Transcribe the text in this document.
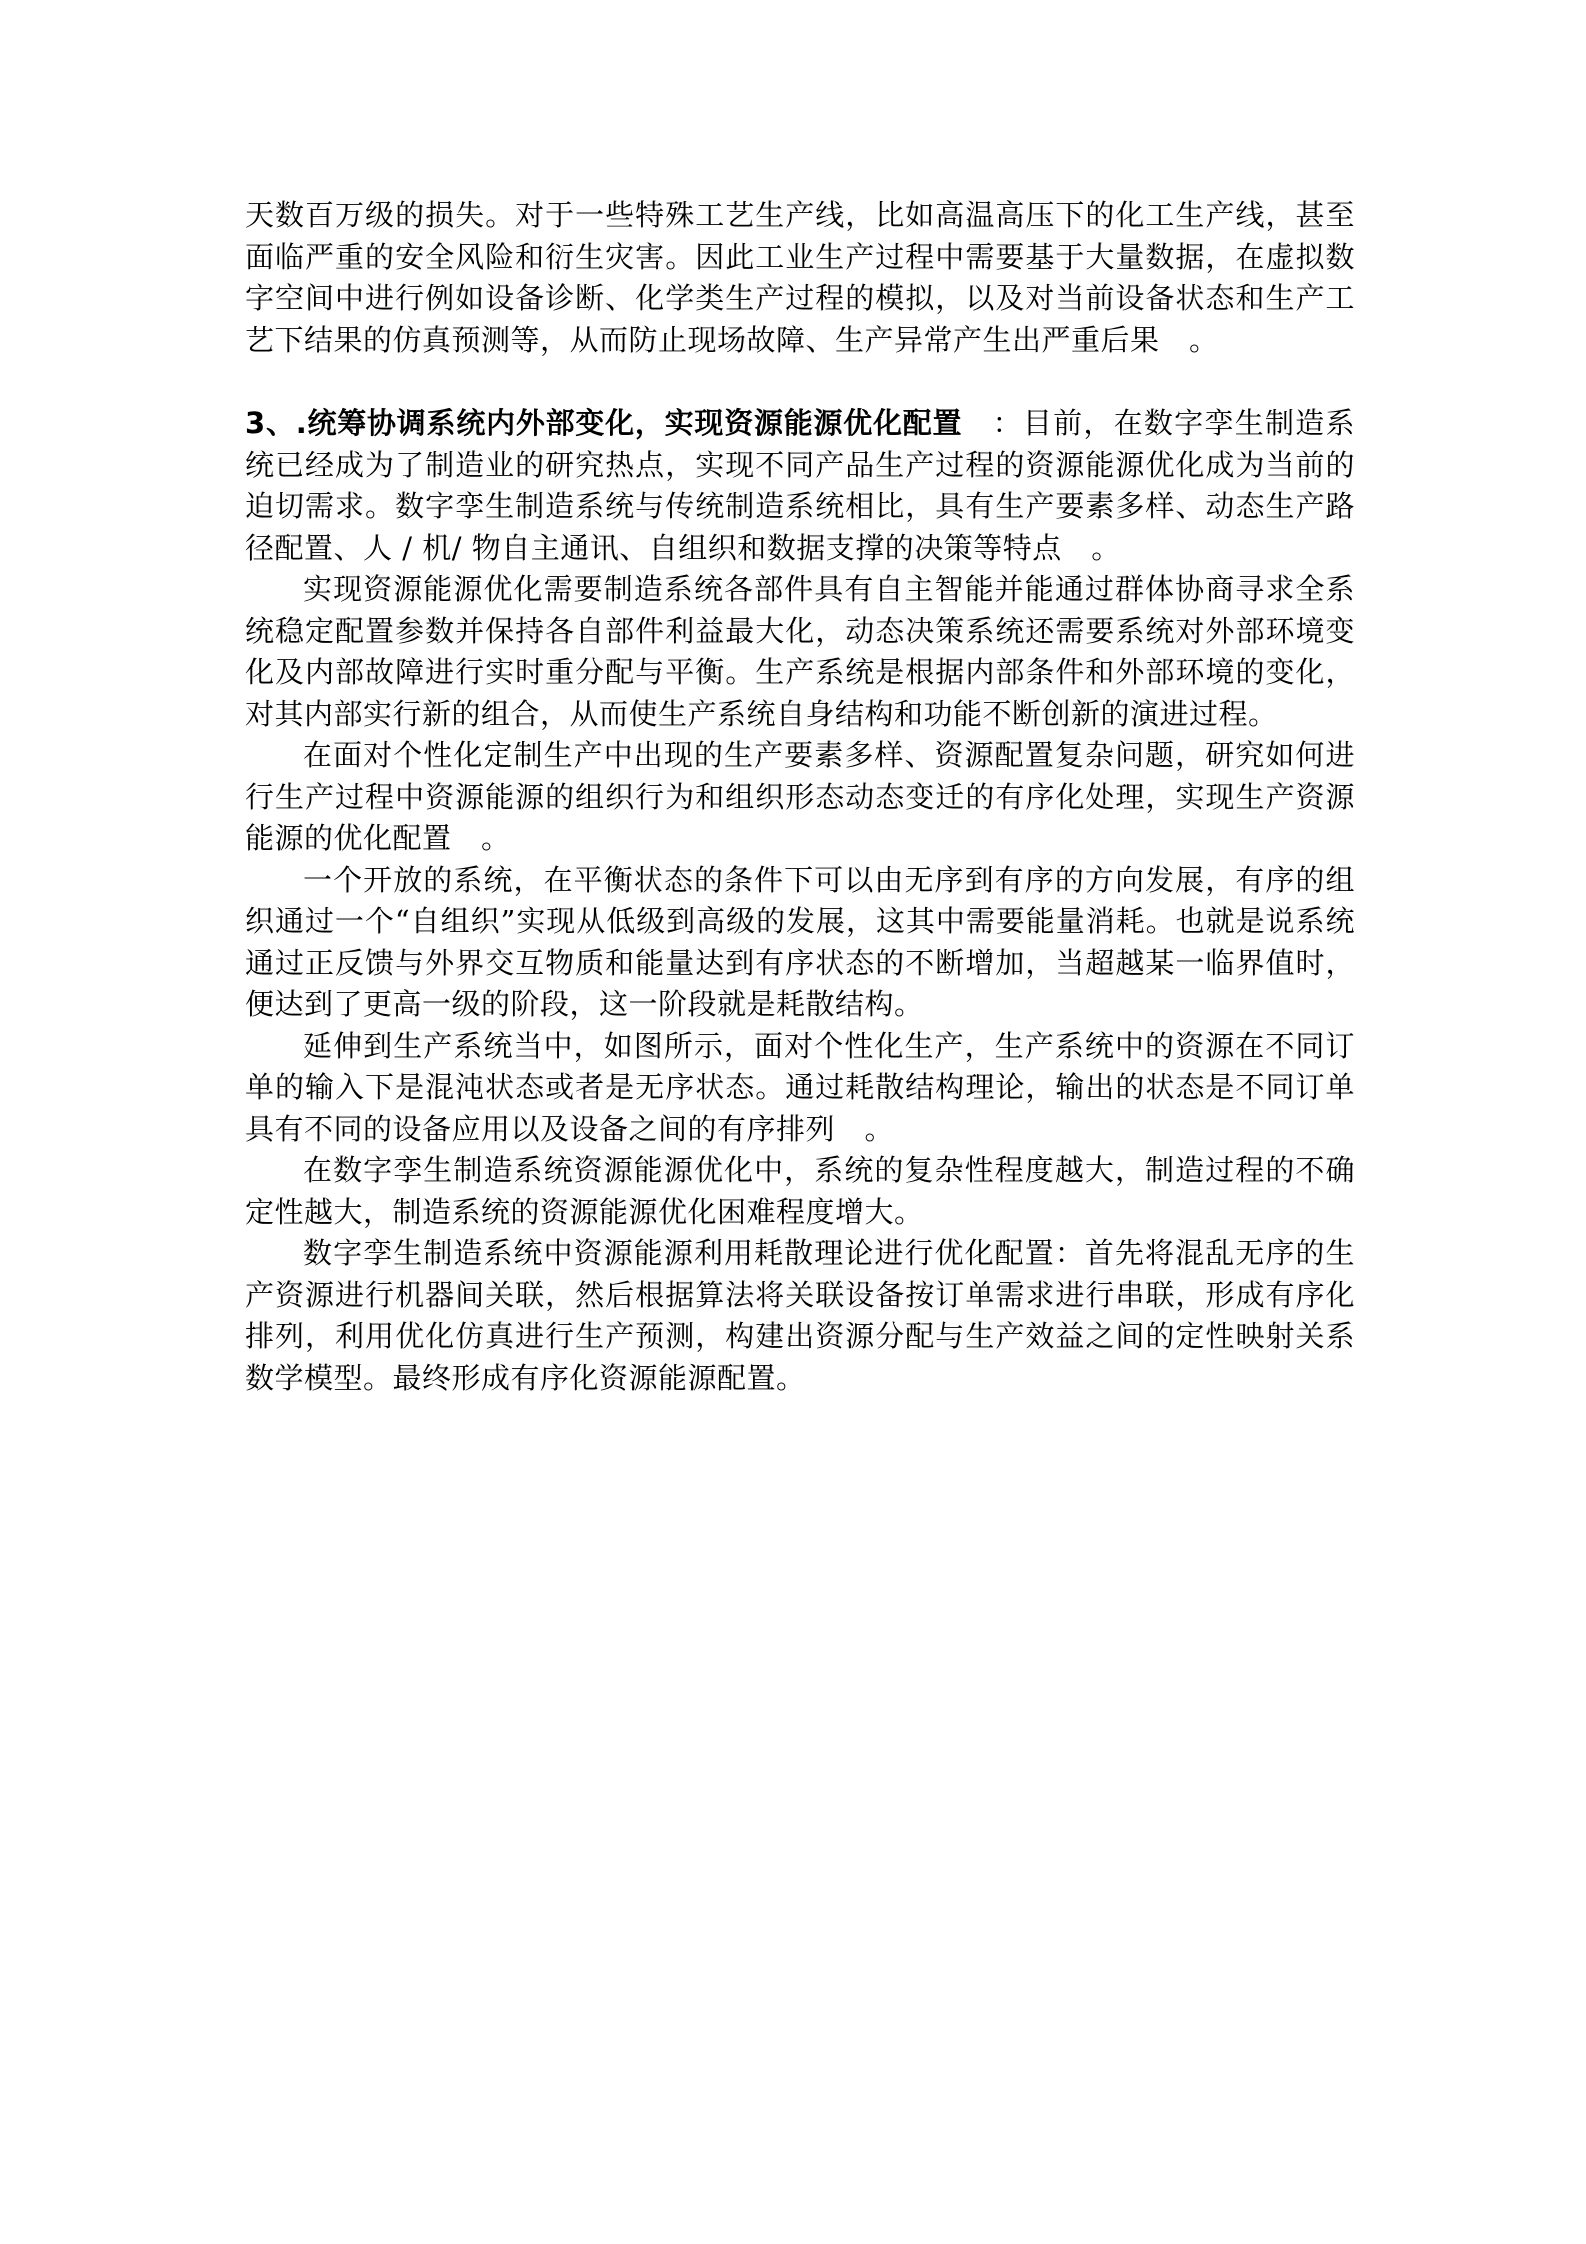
天数百万级的损失。对于一些特殊工艺生产线，比如高温高压下的化工生产线，甚至面临严重的安全风险和衍生灾害。因此工业生产过程中需要基于大量数据，在虚拟数字空间中进行例如设备诊断、化学类生产过程的模拟，以及对当前设备状态和生产工艺下结果的仿真预测等，从而防止现场故障、生产异常产生出严重后果　。

3、.统筹协调系统内外部变化，实现资源能源优化配置　：目前，在数字孪生制造系统已经成为了制造业的研究热点，实现不同产品生产过程的资源能源优化成为当前的迫切需求。数字孪生制造系统与传统制造系统相比，具有生产要素多样、动态生产路径配置、人 / 机/ 物自主通讯、自组织和数据支撑的决策等特点　。

实现资源能源优化需要制造系统各部件具有自主智能并能通过群体协商寻求全系统稳定配置参数并保持各自部件利益最大化，动态决策系统还需要系统对外部环境变化及内部故障进行实时重分配与平衡。生产系统是根据内部条件和外部环境的变化，对其内部实行新的组合，从而使生产系统自身结构和功能不断创新的演进过程。

在面对个性化定制生产中出现的生产要素多样、资源配置复杂问题，研究如何进行生产过程中资源能源的组织行为和组织形态动态变迁的有序化处理，实现生产资源能源的优化配置　。

一个开放的系统，在平衡状态的条件下可以由无序到有序的方向发展，有序的组织通过一个“自组织”实现从低级到高级的发展，这其中需要能量消耗。也就是说系统通过正反馈与外界交互物质和能量达到有序状态的不断增加，当超越某一临界值时，便达到了更高一级的阶段，这一阶段就是耗散结构。

延伸到生产系统当中，如图所示，面对个性化生产，生产系统中的资源在不同订单的输入下是混沌状态或者是无序状态。通过耗散结构理论，输出的状态是不同订单具有不同的设备应用以及设备之间的有序排列　。

在数字孪生制造系统资源能源优化中，系统的复杂性程度越大，制造过程的不确定性越大，制造系统的资源能源优化困难程度增大。

数字孪生制造系统中资源能源利用耗散理论进行优化配置：首先将混乱无序的生产资源进行机器间关联，然后根据算法将关联设备按订单需求进行串联，形成有序化排列，利用优化仿真进行生产预测，构建出资源分配与生产效益之间的定性映射关系数学模型。最终形成有序化资源能源配置。
